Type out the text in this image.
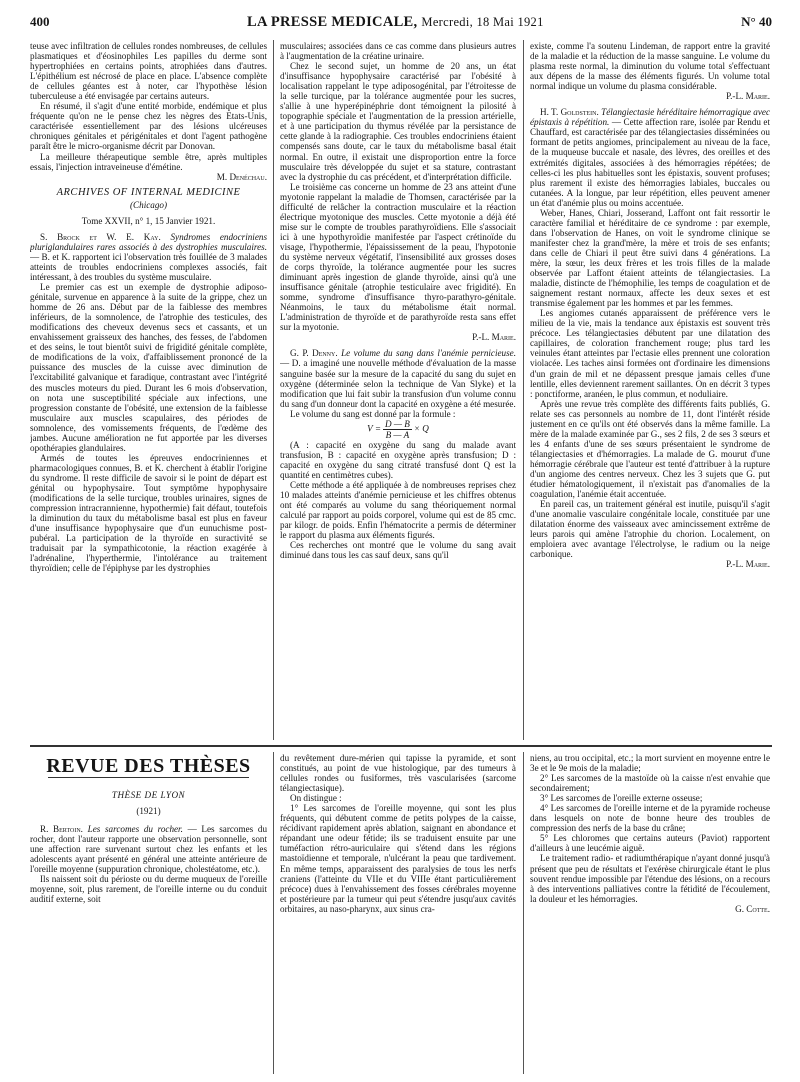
400	LA PRESSE MEDICALE, Mercredi, 18 Mai 1921	N° 40

teuse avec infiltration de cellules rondes nombreuses, de cellules plasmatiques et d'éosinophiles Les papilles du derme sont hypertrophiées en certains points, atrophiées dans d'autres. L'épithélium est nécrosé de place en place. L'absence complète de cellules géantes est à noter, car l'hypothèse lésion tuberculeuse a été envisagée par certains auteurs.

En résumé, il s'agit d'une entité morbide, endémique et plus fréquente qu'on ne le pense chez les nègres des Etats-Unis, caractérisée essentiellement par des lésions ulcéreuses chroniques génitales et périgénitales et dont l'agent pathogène paraît être le micro-organisme décrit par Donovan.

La meilleure thérapeutique semble être, après multiples essais, l'injection intraveineuse d'émétine.

M. Denéchau.

ARCHIVES OF INTERNAL MEDICINE
(Chicago)
Tome XXVII, n° 1, 15 Janvier 1921.

S. Brock et W. E. Kay. Syndromes endocriniens pluriglandulaires rares associés à des dystrophies musculaires. — B. et K. rapportent ici l'observation très fouillée de 3 malades atteints de troubles endocriniens complexes associés, fait intéressant, à des troubles du système musculaire.

Le premier cas est un exemple de dystrophie adiposo-génitale, survenue en apparence à la suite de la grippe, chez un homme de 26 ans. Début par de la faiblesse des membres inférieurs, de la somnolence, de l'atrophie des testicules, des modifications des cheveux devenus secs et cassants, et un envahissement graisseux des hanches, des fesses, de l'abdomen et des seins, le tout bientôt suivi de frigidité génitale complète, de modifications de la voix, d'affaiblissement prononcé de la puissance des muscles de la cuisse avec diminution de l'excitabilité galvanique et faradique, contrastant avec l'intégrité des muscles moteurs du pied. Durant les 6 mois d'observation, on nota une susceptibilité spéciale aux infections, une progression constante de l'obésité, une extension de la faiblesse musculaire aux muscles scapulaires, des périodes de somnolence, des vomissements fréquents, de l'œdème des jambes. Aucune amélioration ne fut apportée par les diverses opothérapies glandulaires.

Armés de toutes les épreuves endocriniennes et pharmacologiques connues, B. et K. cherchent à établir l'origine du syndrome. Il reste difficile de savoir si le point de départ est génital ou hypophysaire. Tout symptôme hypophysaire (modifications de la selle turcique, troubles urinaires, signes de compression intracrannienne, hypothermie) fait défaut, toutefois la diminution du taux du métabolisme basal est plus en faveur d'une insuffisance hypophysaire que d'un eunuchisme post-pubéral. La participation de la thyroïde en suractivité se traduisait par la sympathicotonie, la réaction exagérée à l'adrénaline, l'hyperthermie, l'intolérance au traitement thyroïdien; celle de l'épiphyse par les dystrophies

musculaires; associées dans ce cas comme dans plusieurs autres à l'augmentation de la créatine urinaire.

Chez le second sujet, un homme de 20 ans, un état d'insuffisance hypophysaire caractérisé par l'obésité à localisation rappelant le type adiposogénital, par l'étroitesse de la selle turcique, par la tolérance augmentée pour les sucres, s'allie à une hyperépinéphrie dont témoignent la pilosité à topographie spéciale et l'augmentation de la pression artérielle, et à une participation du thymus révélée par la persistance de cette glande à la radiographie. Ces troubles endocriniens étaient compensés sans doute, car le taux du métabolisme basal était normal. En outre, il existait une disproportion entre la force musculaire très développée du sujet et sa stature, contrastant avec la dystrophie du cas précédent, et d'interprétation difficile.

Le troisième cas concerne un homme de 23 ans atteint d'une myotonie rappelant la maladie de Thomsen, caractérisée par la difficulté de relâcher la contraction musculaire et la réaction électrique myotonique des muscles. Cette myotonie a déjà été mise sur le compte de troubles parathyroïdiens. Elle s'associait ici à une hypothyroïdie manifestée par l'aspect crétinoïde du visage, l'hypothermie, l'épaississement de la peau, l'hypotonie du système nerveux végétatif, l'insensibilité aux grosses doses de corps thyroïde, la tolérance augmentée pour les sucres diminuant après ingestion de glande thyroïde, ainsi qu'à une insuffisance génitale (atrophie testiculaire avec frigidité). En somme, syndrome d'insuffisance thyro-parathyro-génitale. Néanmoins, le taux du métabolisme était normal. L'administration de thyroïde et de parathyroïde resta sans effet sur la myotonie.

P.-L. Marie.

G. P. Denny. Le volume du sang dans l'anémie pernicieuse. — D. a imaginé une nouvelle méthode d'évaluation de la masse sanguine basée sur la mesure de la capacité du sang du sujet en oxygène (déterminée selon la technique de Van Slyke) et la modification que lui fait subir la transfusion d'un volume connu du sang d'un donneur dont la capacité en oxygène a été mesurée.

Le volume du sang est donné par la formule :

$V = \frac{D — B}{B — A} \times Q$

(A : capacité en oxygène du sang du malade avant transfusion, B : capacité en oxygène après transfusion; D : capacité en oxygène du sang citraté transfusé dont Q est la quantité en centimètres cubes).

Cette méthode a été appliquée à de nombreuses reprises chez 10 malades atteints d'anémie pernicieuse et les chiffres obtenus ont été comparés au volume du sang théoriquement normal calculé par rapport au poids corporel, volume qui est de 85 cmc. par kilogr. de poids. Enfin l'hématocrite a permis de déterminer le rapport du plasma aux éléments figurés.

Ces recherches ont montré que le volume du sang avait diminué dans tous les cas sauf deux, sans qu'il

existe, comme l'a soutenu Lindeman, de rapport entre la gravité de la maladie et la réduction de la masse sanguine. Le volume du plasma reste normal, la diminution du volume total s'effectuant aux dépens de la masse des éléments figurés. Un volume total normal indique un volume du plasma considérable.

P.-L. Marie.

H. T. Goldstein. Télangiectasie héréditaire hémorragique avec épistaxis à répétition. — Cette affection rare, isolée par Rendu et Chauffard, est caractérisée par des télangiectasies disséminées ou formant de petits angiomes, principalement au niveau de la face, de la muqueuse buccale et nasale, des lèvres, des oreilles et des extrémités digitales, associées à des hémorragies répétées; de celles-ci les plus habituelles sont les épistaxis, souvent profuses; plus rarement il existe des hémorragies labiales, buccales ou cutanées. A la longue, par leur répétition, elles peuvent amener un état d'anémie plus ou moins accentuée.

Weber, Hanes, Chiari, Josserand, Laffont ont fait ressortir le caractère familial et héréditaire de ce syndrome : par exemple, dans l'observation de Hanes, on voit le syndrome clinique se manifester chez la grand'mère, la mère et trois de ses enfants; dans celle de Chiari il peut être suivi dans 4 générations. La mère, la sœur, les deux frères et les trois filles de la malade observée par Laffont étaient atteints de télangiectasies. La maladie, distincte de l'hémophilie, les temps de coagulation et de saignement restant normaux, affecte les deux sexes et est transmise également par les hommes et par les femmes.

Les angiomes cutanés apparaissent de préférence vers le milieu de la vie, mais la tendance aux épistaxis est souvent très précoce. Les télangiectasies débutent par une dilatation des capillaires, de coloration franchement rouge; plus tard les veinules étant atteintes par l'ectasie elles prennent une coloration violacée. Les taches ainsi formées ont d'ordinaire les dimensions d'un grain de mil et ne dépassent presque jamais celles d'une lentille, elles deviennent rarement saillantes. On en décrit 3 types : ponctiforme, aranéen, le plus commun, et noduliaire.

Après une revue très complète des différents faits publiés, G. relate ses cas personnels au nombre de 11, dont l'intérêt réside justement en ce qu'ils ont été observés dans la même famille. La mère de la malade examinée par G., ses 2 fils, 2 de ses 3 sœurs et les 4 enfants d'une de ses sœurs présentaient le syndrome de télangiectasies et d'hémorragies. La malade de G. mourut d'une hémorragie cérébrale que l'auteur est tenté d'attribuer à la rupture d'un angiome des centres nerveux. Chez les 3 sujets que G. put étudier hématologiquement, il n'existait pas d'anomalies de la coagulation, l'anémie était accentuée.

En pareil cas, un traitement général est inutile, puisqu'il s'agit d'une anomalie vasculaire congénitale locale, constituée par une dilatation énorme des vaisseaux avec amincissement extrême de leurs parois qui amène l'atrophie du chorion. Localement, on emploiera avec avantage l'électrolyse, le radium ou la neige carbonique.

P.-L. Marie.

REVUE DES THÈSES
THÈSE DE LYON
(1921)

R. Bertoin. Les sarcomes du rocher. — Les sarcomes du rocher, dont l'auteur rapporte une observation personnelle, sont une affection rare survenant surtout chez les enfants et les adolescents ayant présenté en général une atteinte antérieure de l'oreille moyenne (suppuration chronique, cholestéatome, etc.).

Ils naissent soit du périoste ou du derme muqueux de l'oreille moyenne, soit, plus rarement, de l'oreille interne ou du conduit auditif externe, soit

du revêtement dure-mérien qui tapisse la pyramide, et sont constitués, au point de vue histologique, par des tumeurs à cellules rondes ou fusiformes, très vascularisées (sarcome télangiectasique).

On distingue :

1° Les sarcomes de l'oreille moyenne, qui sont les plus fréquents, qui débutent comme de petits polypes de la caisse, récidivant rapidement après ablation, saignant en abondance et répandant une odeur fétide; ils se traduisent ensuite par une tuméfaction rétro-auriculaire qui s'étend dans les régions mastoïdienne et temporale, n'ulcérant la peau que tardivement. En même temps, apparaissent des paralysies de tous les nerfs craniens (l'atteinte du VIIe et du VIIIe étant particulièrement précoce) dues à l'envahissement des fosses cérébrales moyenne et postérieure par la tumeur qui peut s'étendre jusqu'aux cavités orbitaires, au naso-pharynx, aux sinus cra-

niens, au trou occipital, etc.; la mort survient en moyenne entre le 3e et le 9e mois de la maladie;

2° Les sarcomes de la mastoïde où la caisse n'est envahie que secondairement;

3° Les sarcomes de l'oreille externe osseuse;

4° Les sarcomes de l'oreille interne et de la pyramide rocheuse dans lesquels on note de bonne heure des troubles de compression des nerfs de la base du crâne;

5° Les chloromes que certains auteurs (Paviot) rapportent d'ailleurs à une leucémie aiguë.

Le traitement radio- et radiumthérapique n'ayant donné jusqu'à présent que peu de résultats et l'exérèse chirurgicale étant le plus souvent rendue impossible par l'étendue des lésions, on a recours à des interventions palliatives contre la fétidité de l'écoulement, la douleur et les hémorragies.

G. Cotte.
